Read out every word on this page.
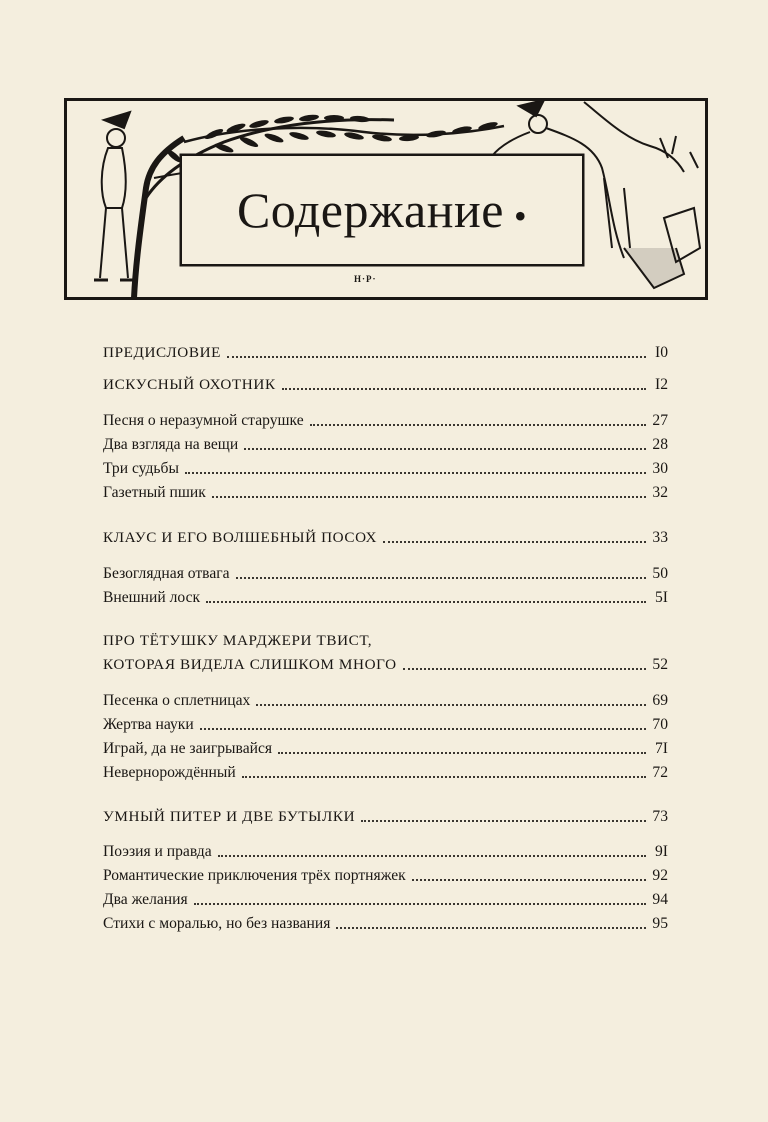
Содержание •
H·P·
ПРЕДИСЛОВИЕ	I0
ИСКУСНЫЙ ОХОТНИК	I2
Песня о неразумной старушке	27
Два взгляда на вещи	28
Три судьбы	30
Газетный пшик	32
КЛАУС И ЕГО ВОЛШЕБНЫЙ ПОСОХ	33
Безоглядная отвага	50
Внешний лоск	5I
ПРО ТЁТУШКУ МАРДЖЕРИ ТВИСТ,
КОТОРАЯ ВИДЕЛА СЛИШКОМ МНОГО	52
Песенка о сплетницах	69
Жертва науки	70
Играй, да не заигрывайся	7I
Неверноpождённый	72
УМНЫЙ ПИТЕР И ДВЕ БУТЫЛКИ	73
Поэзия и правда	9I
Романтические приключения трёх портняжек	92
Два желания	94
Стихи с моралью, но без названия	95
